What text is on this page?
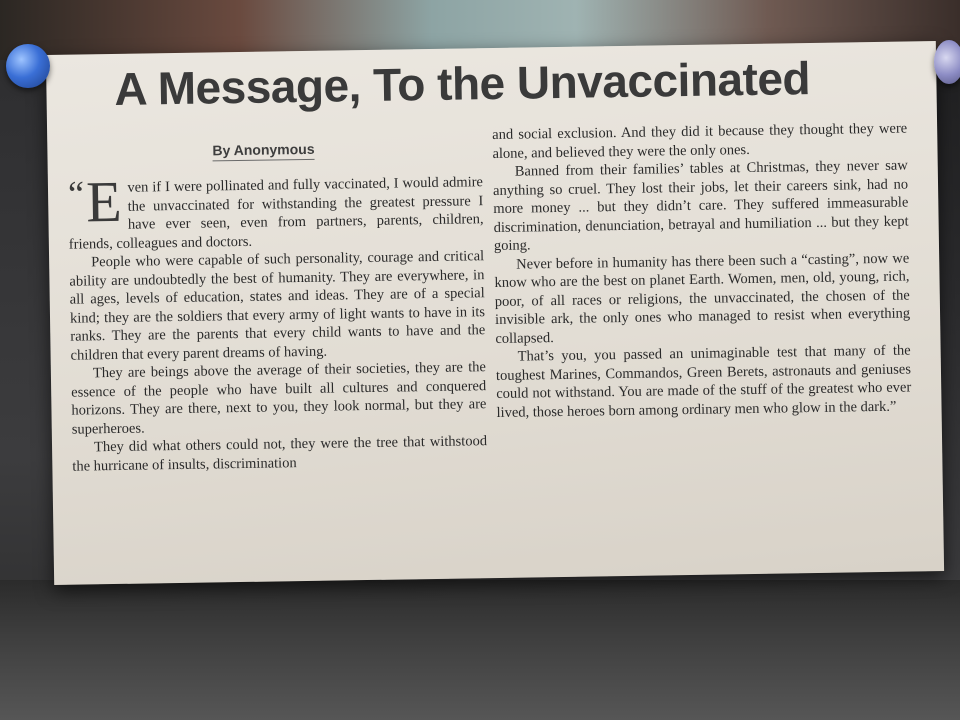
A Message, To the Unvaccinated
By Anonymous

“ E ven if I were pollinated and fully vaccinated, I would admire the unvaccinated for withstanding the greatest pressure I have ever seen, even from partners, parents, children, friends, colleagues and doctors.

People who were capable of such personality, courage and critical ability are undoubtedly the best of humanity. They are everywhere, in all ages, levels of education, states and ideas. They are of a special kind; they are the soldiers that every army of light wants to have in its ranks. They are the parents that every child wants to have and the children that every parent dreams of having.

They are beings above the average of their societies, they are the essence of the people who have built all cultures and conquered horizons. They are there, next to you, they look normal, but they are superheroes.

They did what others could not, they were the tree that withstood the hurricane of insults, discrimination

and social exclusion. And they did it because they thought they were alone, and believed they were the only ones.

Banned from their families’ tables at Christmas, they never saw anything so cruel. They lost their jobs, let their careers sink, had no more money ... but they didn’t care. They suffered immeasurable discrimination, denunciation, betrayal and humiliation ... but they kept going.

Never before in humanity has there been such a “casting”, now we know who are the best on planet Earth. Women, men, old, young, rich, poor, of all races or religions, the unvaccinated, the chosen of the invisible ark, the only ones who managed to resist when everything collapsed.

That’s you, you passed an unimaginable test that many of the toughest Marines, Commandos, Green Berets, astronauts and geniuses could not withstand. You are made of the stuff of the greatest who ever lived, those heroes born among ordinary men who glow in the dark.”
